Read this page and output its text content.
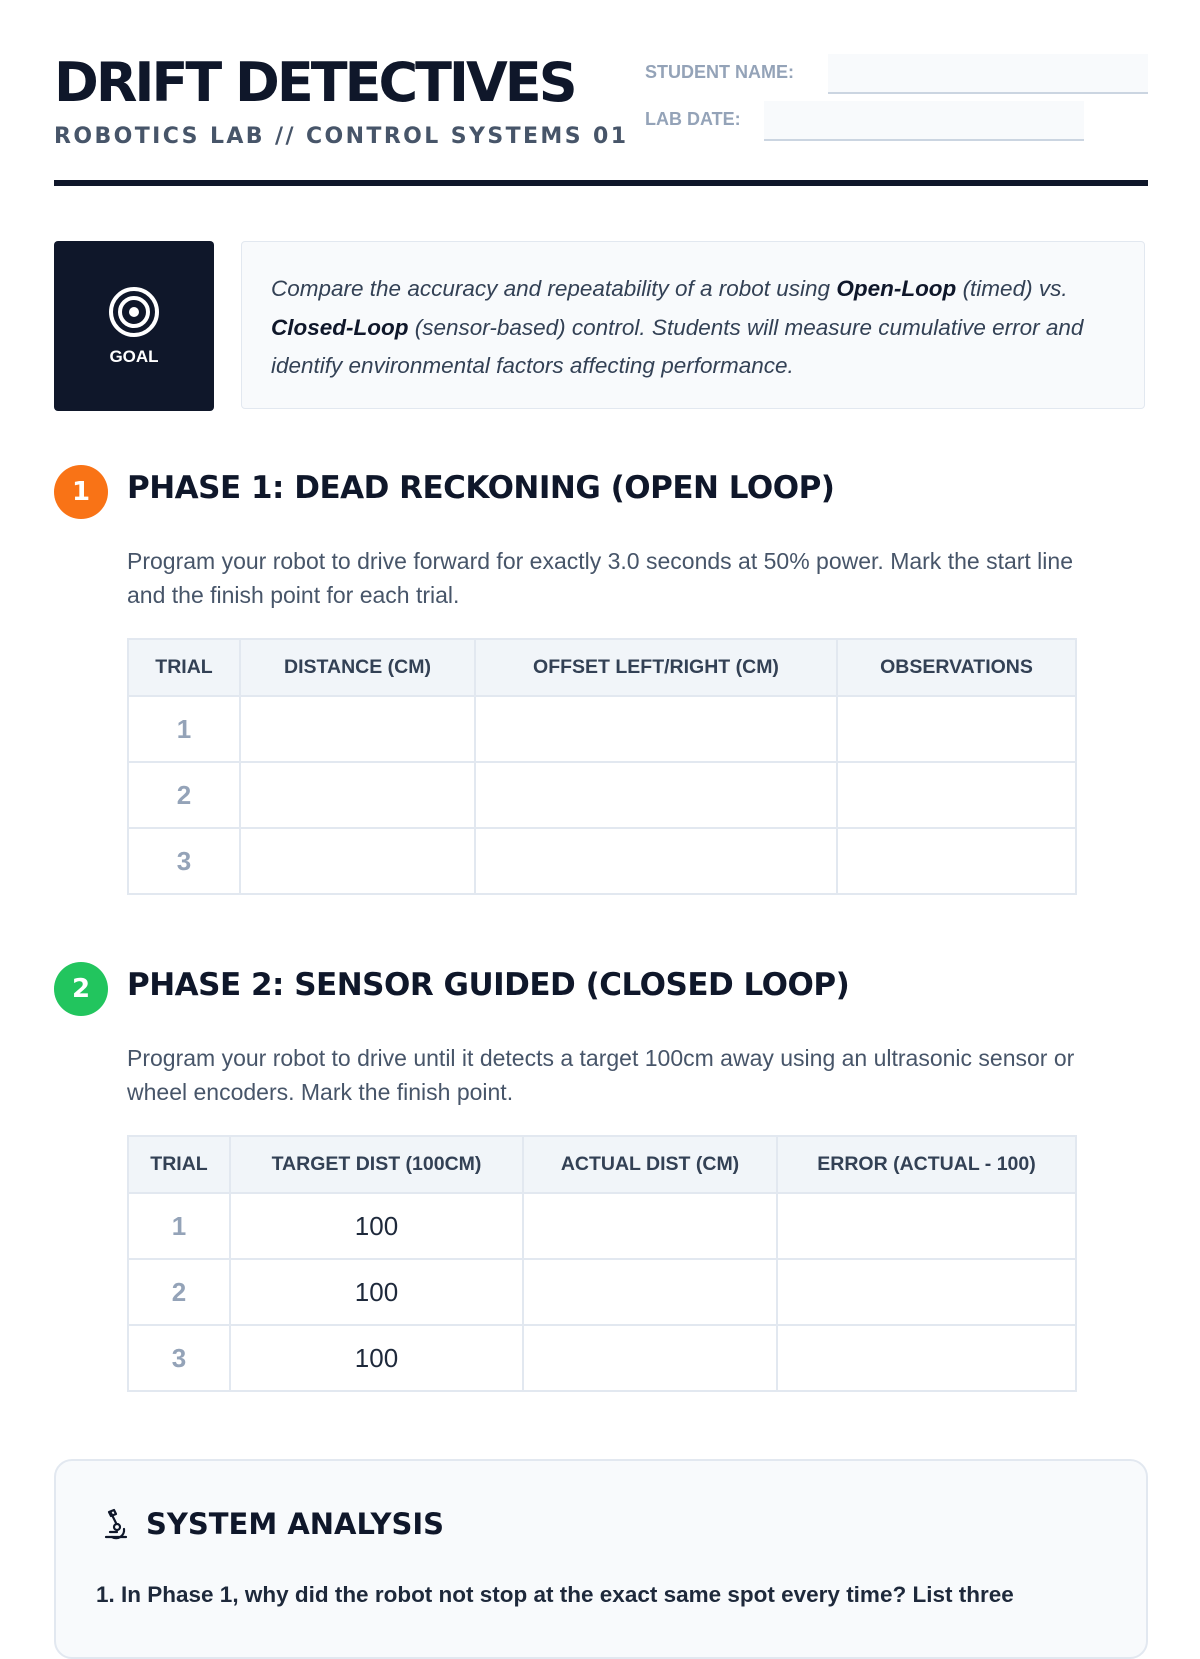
DRIFT DETECTIVES
ROBOTICS LAB // CONTROL SYSTEMS 01
STUDENT NAME:
LAB DATE:
GOAL
Compare the accuracy and repeatability of a robot using Open-Loop (timed) vs. Closed-Loop (sensor-based) control. Students will measure cumulative error and identify environmental factors affecting performance.
1	PHASE 1: DEAD RECKONING (OPEN LOOP)
Program your robot to drive forward for exactly 3.0 seconds at 50% power. Mark the start line and the finish point for each trial.
TRIAL	DISTANCE (CM)	OFFSET LEFT/RIGHT (CM)	OBSERVATIONS
1			
2			
3			
2	PHASE 2: SENSOR GUIDED (CLOSED LOOP)
Program your robot to drive until it detects a target 100cm away using an ultrasonic sensor or wheel encoders. Mark the finish point.
TRIAL	TARGET DIST (100CM)	ACTUAL DIST (CM)	ERROR (ACTUAL - 100)
1	100		
2	100		
3	100		
SYSTEM ANALYSIS
1. In Phase 1, why did the robot not stop at the exact same spot every time? List three
